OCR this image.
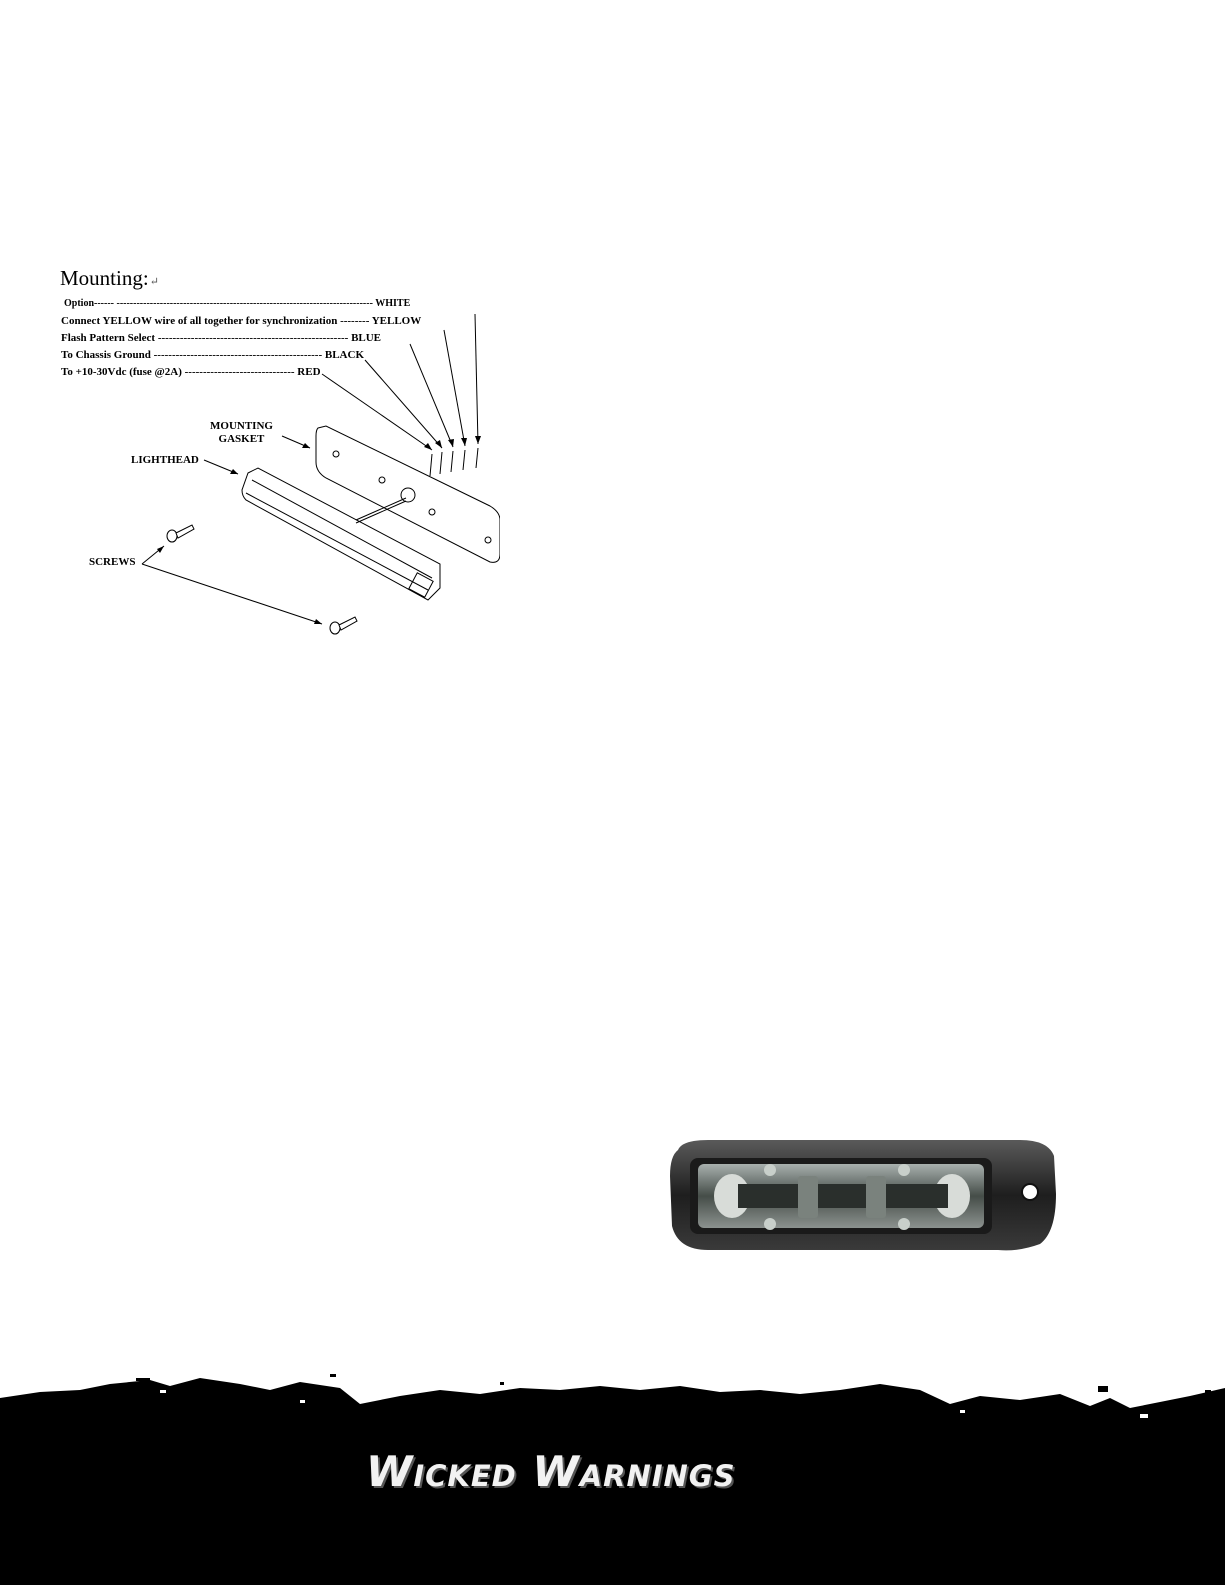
Mounting:↵
Option------ ----------------------------------------------------------------------------- WHITE
Connect YELLOW wire of all together for synchronization -------- YELLOW
Flash Pattern Select ---------------------------------------------------- BLUE
To Chassis Ground ---------------------------------------------- BLACK
To +10-30Vdc (fuse @2A) ------------------------------ RED
MOUNTING
GASKET
LIGHTHEAD
SCREWS
Wicked Warnings
